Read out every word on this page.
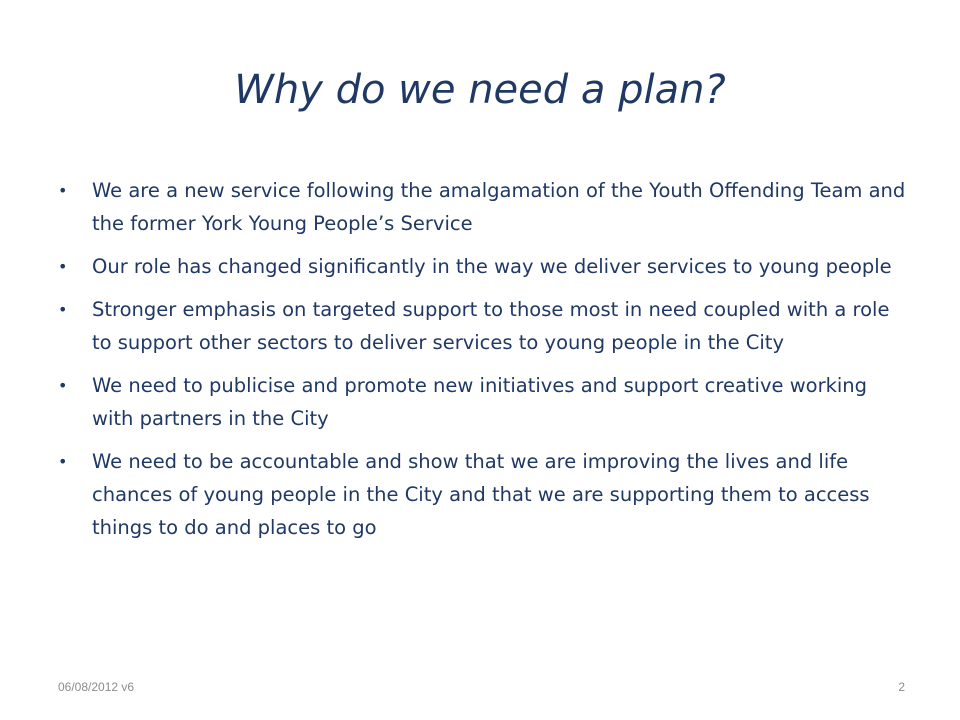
Why do we need a plan?
•	We are a new service following the amalgamation of the Youth Offending Team and the former York Young People’s Service
•	Our role has changed significantly in the way we deliver services to young people
•	Stronger emphasis on targeted support to those most in need coupled with a role to support other sectors to deliver services to young people in the City
•	We need to publicise and promote new initiatives and support creative working with partners in the City
•	We need to be accountable and show that we are improving the lives and life chances of young people in the City and that we are supporting them to access things to do and places to go
06/08/2012 v6	2
